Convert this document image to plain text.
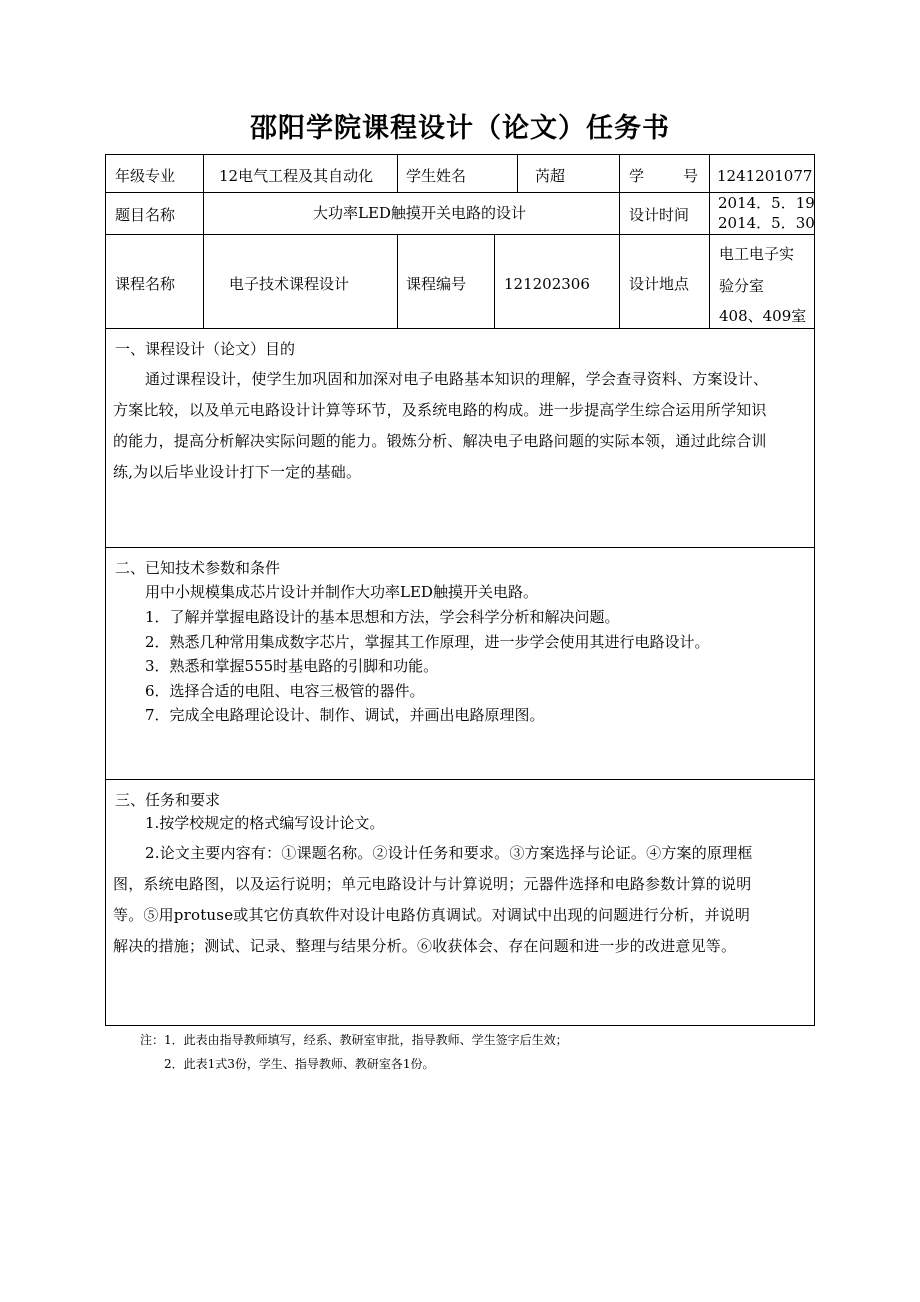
邵阳学院课程设计（论文）任务书
年级专业	12电气工程及其自动化 学生姓名	芮超	学　　号 1241201077
题目名称	大功率LED触摸开关电路的设计	设计时间
2014．5．19
2014．5．30
课程名称	电子技术课程设计	课程编号	121202306	设计地点
电工电子实
验分室
408、409室
一、课程设计（论文）目的
通过课程设计，使学生加巩固和加深对电子电路基本知识的理解，学会查寻资料、方案设计、
方案比较，以及单元电路设计计算等环节，及系统电路的构成。进一步提高学生综合运用所学知识
的能力，提高分析解决实际问题的能力。锻炼分析、解决电子电路问题的实际本领，通过此综合训
练,为以后毕业设计打下一定的基础。
二、已知技术参数和条件
用中小规模集成芯片设计并制作大功率LED触摸开关电路。
1．了解并掌握电路设计的基本思想和方法，学会科学分析和解决问题。
2．熟悉几种常用集成数字芯片，掌握其工作原理，进一步学会使用其进行电路设计。
3．熟悉和掌握555时基电路的引脚和功能。
6．选择合适的电阻、电容三极管的器件。
7．完成全电路理论设计、制作、调试，并画出电路原理图。
三、任务和要求
1.按学校规定的格式编写设计论文。
2.论文主要内容有：①课题名称。②设计任务和要求。③方案选择与论证。④方案的原理框
图，系统电路图，以及运行说明；单元电路设计与计算说明；元器件选择和电路参数计算的说明
等。⑤用protuse或其它仿真软件对设计电路仿真调试。对调试中出现的问题进行分析，并说明
解决的措施；测试、记录、整理与结果分析。⑥收获体会、存在问题和进一步的改进意见等。
注：1．此表由指导教师填写，经系、教研室审批，指导教师、学生签字后生效；
2．此表1式3份，学生、指导教师、教研室各1份。
